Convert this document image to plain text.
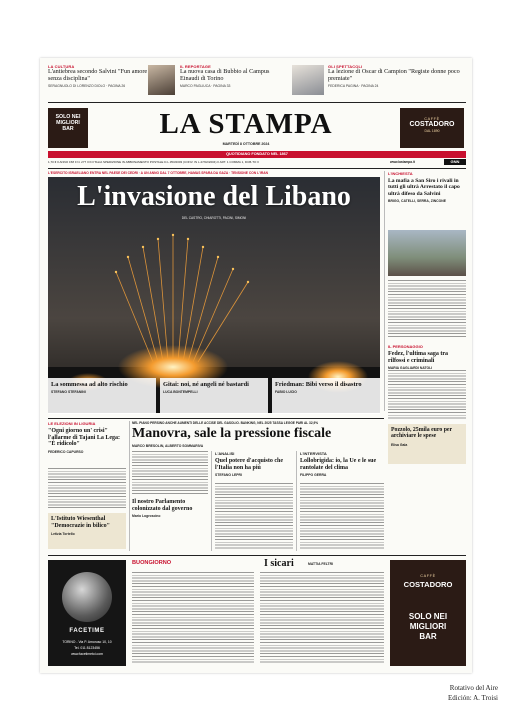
LA CULTURA
L'antiebrea secondo Salvini "Fun amore senza disciplina"
SERAGNUOLO DI LORENZO DIOLO · PAGINA 26
IL REPORTAGE
La nuova casa di Bubbio al Campus Einaudi di Torino
MARCO PAGLIUCA · PAGINA 33
GLI SPETTACOLI
La lezione di Oscar di Campion "Registe donne poco premiate"
FEDERICA PAGINA · PAGINA 24
SOLO NEI
MIGLIORI
BAR
CAFFÈ
COSTADORO
DAL 1890
LA STAMPA
MARTEDÌ 8 OTTOBRE 2024
QUOTIDIANO FONDATO NEL 1867
1,70 € II ANNO 158 II N. 277 II IN ITALIA SPEDIZIONE IN ABBONAMENTO POSTALE D.L.353/2003 (CONV. IN L.27/02/2004) II ART. 1 COMMA 1, DCB-TO II	www.lastampa.it	GNN
L'ESERCITO ISRAELIANO ENTRA NEL PAESE DEI CEDRI · A UN ANNO DAL 7 OTTOBRE, HAMAS SPARA DA GAZA · TENSIONE CON L'IRAN
L'invasione del Libano
DEL CASTRO, CHIAROTTI, PACINI, SIMONI
La sommessa ad alto rischio
STEFANO STEFANINI
Gitai: noi, né angeli né bastardi
LUCA BONTEMPELLI
Friedman: Bibi verso il disastro
FABIO LUCIO
L'INCHIESTA
La mafia a San Siro i rivali in tutti gli ultrà Arrestato il capo ultrà difeso da Salvini
BRIGO, CATELLI, SERRA, ZINCONE
IL PERSONAGGIO
Fedez, l'ultima saga tra rilfossi e criminali
MARIA GAGLIARDI NATOLI
Pozzolo, 25mila euro per archiviare le spese
Elisa Gala
LE ELEZIONI IN LIGURIA
"Ogni giorno un' crisi" l'allarme di Tajani La Lega: "È ridicolo"
FEDERICO CAPURSO
L'Istituto Wiesenthal "Democrazie in bilico"
Letizia Tortello
NEL PIANO PERSINO ANCHE AUMENTI DELLE ACCISE DEL GASOLIO. BANKING, NEL 2025 TASSA LEGGE PARI AL 32,9%
Manovra, sale la pressione fiscale
MARCO BRESOLIN, ALBERTO SOMMARIVA
Il nostro Parlamento colonizzato dal governo
Mario Logroscino
L'ANALISI
Quel potere d'acquisto che l'Italia non ha più
STEFANO LEPRI
L'INTERVISTA
Lollobrigida: io, la Ue e le sue rantolate del clima
FILIPPO GERRA
FACETIME
TORINO - Via P. Amoruso 10, 10
Tel. 011 8123456
www.facetimetoi.com
BUONGIORNO	I sicari	MATTIA FELTRI
CAFFÈ
COSTADORO
SOLO NEI
MIGLIORI
BAR
Rotativo del Aire
Edición: A. Troisi
